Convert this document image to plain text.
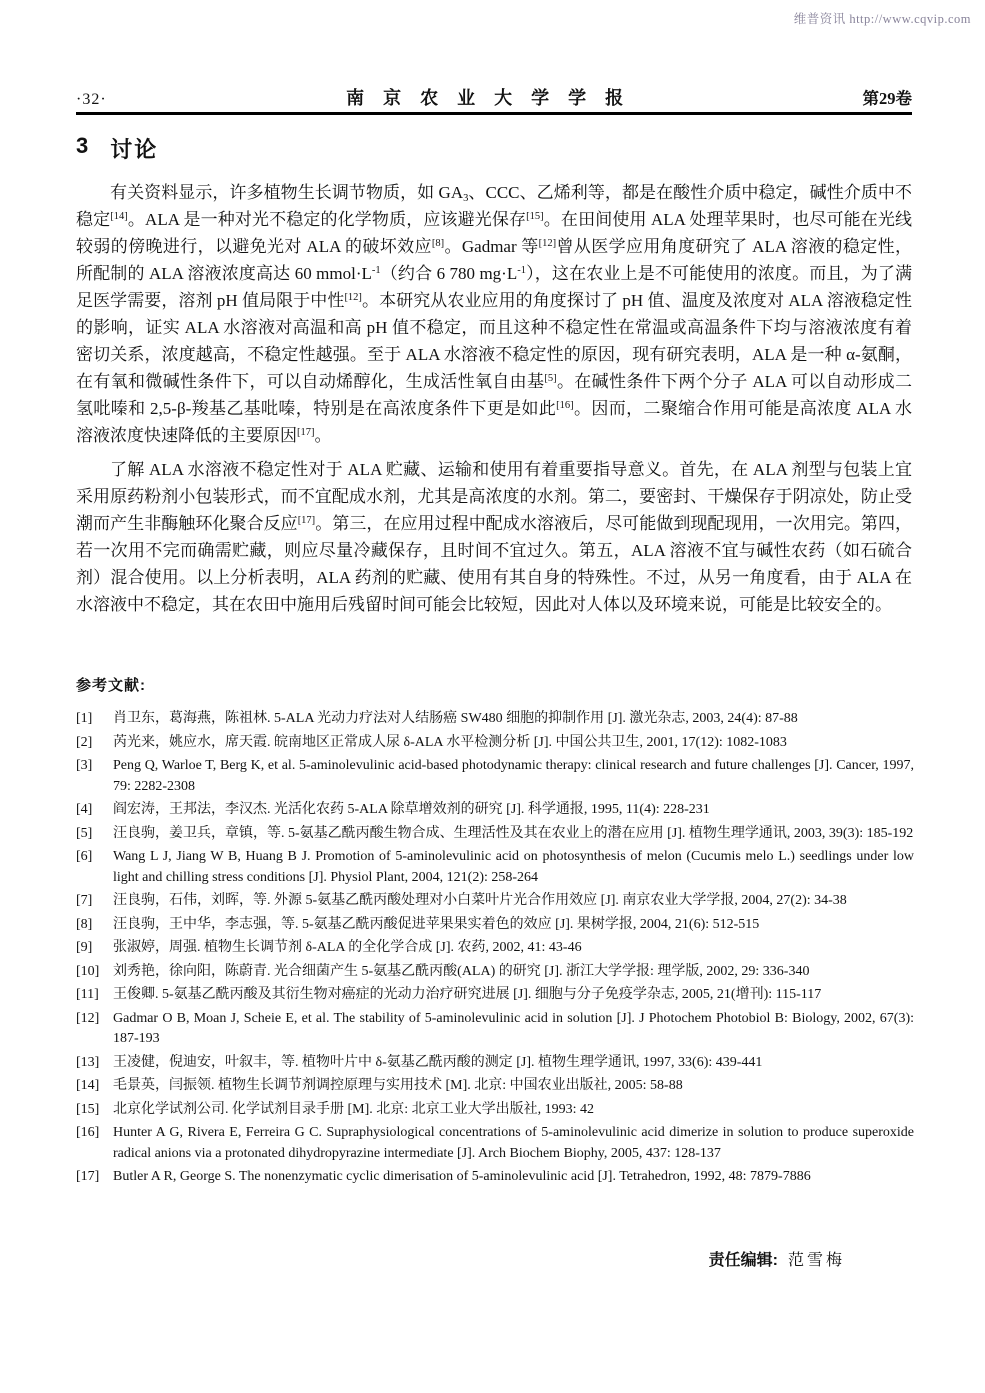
维普资讯 http://www.cqvip.com
·32·	南京农业大学学报	第29卷
3 讨论

有关资料显示，许多植物生长调节物质，如 GA3、CCC、乙烯利等，都是在酸性介质中稳定，碱性介质中不稳定[14]。ALA 是一种对光不稳定的化学物质，应该避光保存[15]。在田间使用 ALA 处理苹果时，也尽可能在光线较弱的傍晚进行，以避免光对 ALA 的破坏效应[8]。Gadmar 等[12]曾从医学应用角度研究了 ALA 溶液的稳定性，所配制的 ALA 溶液浓度高达 60 $mmol\cdot L^{-1}$（约合 6 780 $mg\cdot L^{-1}$），这在农业上是不可能使用的浓度。而且，为了满足医学需要，溶剂 pH 值局限于中性[12]。本研究从农业应用的角度探讨了 pH 值、温度及浓度对 ALA 溶液稳定性的影响，证实 ALA 水溶液对高温和高 pH 值不稳定，而且这种不稳定性在常温或高温条件下均与溶液浓度有着密切关系，浓度越高，不稳定性越强。至于 ALA 水溶液不稳定性的原因，现有研究表明，ALA 是一种 α-氨酮，在有氧和微碱性条件下，可以自动烯醇化，生成活性氧自由基[5]。在碱性条件下两个分子 ALA 可以自动形成二氢吡嗪和 2,5-β-羧基乙基吡嗪，特别是在高浓度条件下更是如此[16]。因而，二聚缩合作用可能是高浓度 ALA 水溶液浓度快速降低的主要原因[17]。

了解 ALA 水溶液不稳定性对于 ALA 贮藏、运输和使用有着重要指导意义。首先，在 ALA 剂型与包装上宜采用原药粉剂小包装形式，而不宜配成水剂，尤其是高浓度的水剂。第二，要密封、干燥保存于阴凉处，防止受潮而产生非酶触环化聚合反应[17]。第三，在应用过程中配成水溶液后，尽可能做到现配现用，一次用完。第四，若一次用不完而确需贮藏，则应尽量冷藏保存，且时间不宜过久。第五，ALA 溶液不宜与碱性农药（如石硫合剂）混合使用。以上分析表明，ALA 药剂的贮藏、使用有其自身的特殊性。不过，从另一角度看，由于 ALA 在水溶液中不稳定，其在农田中施用后残留时间可能会比较短，因此对人体以及环境来说，可能是比较安全的。

参考文献:
[1] 肖卫东，葛海燕，陈祖林. 5-ALA 光动力疗法对人结肠癌 SW480 细胞的抑制作用 [J]. 激光杂志, 2003, 24(4): 87-88
[2] 芮光来，姚应水，席天霞. 皖南地区正常成人尿 δ-ALA 水平检测分析 [J]. 中国公共卫生, 2001, 17(12): 1082-1083
[3] Peng Q, Warloe T, Berg K, et al. 5-aminolevulinic acid-based photodynamic therapy: clinical research and future challenges [J]. Cancer, 1997, 79: 2282-2308
[4] 阎宏涛，王邦法，李汉杰. 光活化农药 5-ALA 除草增效剂的研究 [J]. 科学通报, 1995, 11(4): 228-231
[5] 汪良驹，姜卫兵，章镇，等. 5-氨基乙酰丙酸生物合成、生理活性及其在农业上的潜在应用 [J]. 植物生理学通讯, 2003, 39(3): 185-192
[6] Wang L J, Jiang W B, Huang B J. Promotion of 5-aminolevulinic acid on photosynthesis of melon (Cucumis melo L.) seedlings under low light and chilling stress conditions [J]. Physiol Plant, 2004, 121(2): 258-264
[7] 汪良驹，石伟，刘晖，等. 外源 5-氨基乙酰丙酸处理对小白菜叶片光合作用效应 [J]. 南京农业大学学报, 2004, 27(2): 34-38
[8] 汪良驹，王中华，李志强，等. 5-氨基乙酰丙酸促进苹果果实着色的效应 [J]. 果树学报, 2004, 21(6): 512-515
[9] 张淑婷，周强. 植物生长调节剂 δ-ALA 的全化学合成 [J]. 农药, 2002, 41: 43-46
[10] 刘秀艳，徐向阳，陈蔚青. 光合细菌产生 5-氨基乙酰丙酸(ALA) 的研究 [J]. 浙江大学学报: 理学版, 2002, 29: 336-340
[11] 王俊卿. 5-氨基乙酰丙酸及其衍生物对癌症的光动力治疗研究进展 [J]. 细胞与分子免疫学杂志, 2005, 21(增刊): 115-117
[12] Gadmar O B, Moan J, Scheie E, et al. The stability of 5-aminolevulinic acid in solution [J]. J Photochem Photobiol B: Biology, 2002, 67(3): 187-193
[13] 王凌健，倪迪安，叶叙丰，等. 植物叶片中 δ-氨基乙酰丙酸的测定 [J]. 植物生理学通讯, 1997, 33(6): 439-441
[14] 毛景英，闫振领. 植物生长调节剂调控原理与实用技术 [M]. 北京: 中国农业出版社, 2005: 58-88
[15] 北京化学试剂公司. 化学试剂目录手册 [M]. 北京: 北京工业大学出版社, 1993: 42
[16] Hunter A G, Rivera E, Ferreira G C. Supraphysiological concentrations of 5-aminolevulinic acid dimerize in solution to produce superoxide radical anions via a protonated dihydropyrazine intermediate [J]. Arch Biochem Biophy, 2005, 437: 128-137
[17] Butler A R, George S. The nonenzymatic cyclic dimerisation of 5-aminolevulinic acid [J]. Tetrahedron, 1992, 48: 7879-7886
责任编辑: 范雪梅
